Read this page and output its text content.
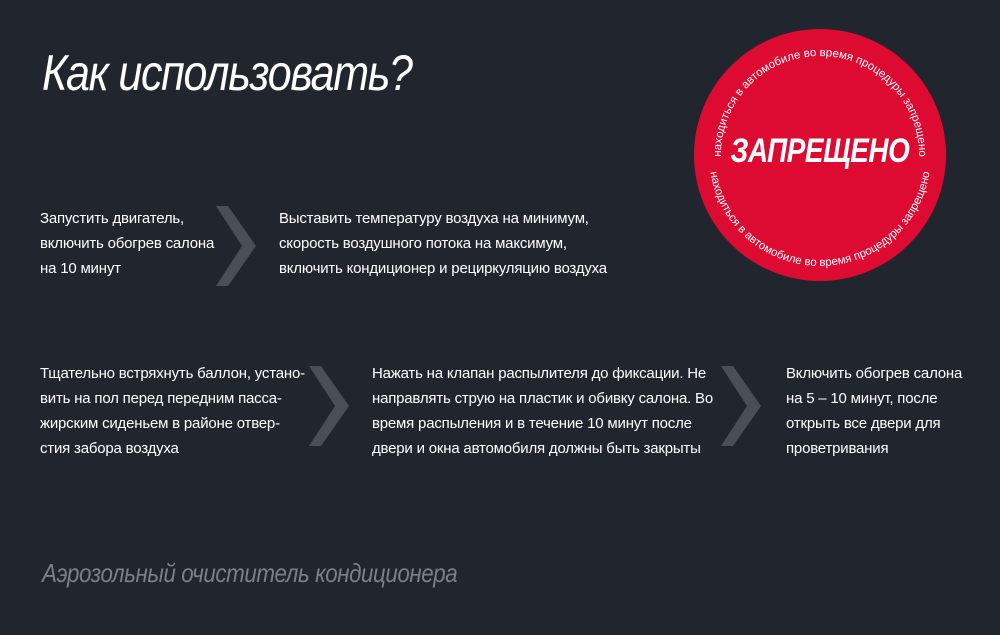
Как использовать?
Запустить двигатель,
включить обогрев салона
на 10 минут
Выставить температуру воздуха на минимум,
скорость воздушного потока на максимум,
включить кондиционер и рециркуляцию воздуха
Тщательно встряхнуть баллон, устано-
вить на пол перед передним пасса-
жирским сиденьем в районе отвер-
стия забора воздуха
Нажать на клапан распылителя до фиксации. Не
направлять струю на пластик и обивку салона. Во
время распыления и в течение 10 минут после
двери и окна автомобиля должны быть закрыты
Включить обогрев салона
на 5 – 10 минут, после
открыть все двери для
проветривания
находиться в автомобиле во время процедуры запрещено
находиться в автомобиле во время процедуры запрещено
ЗАПРЕЩЕНО
Аэрозольный очиститель кондиционера
